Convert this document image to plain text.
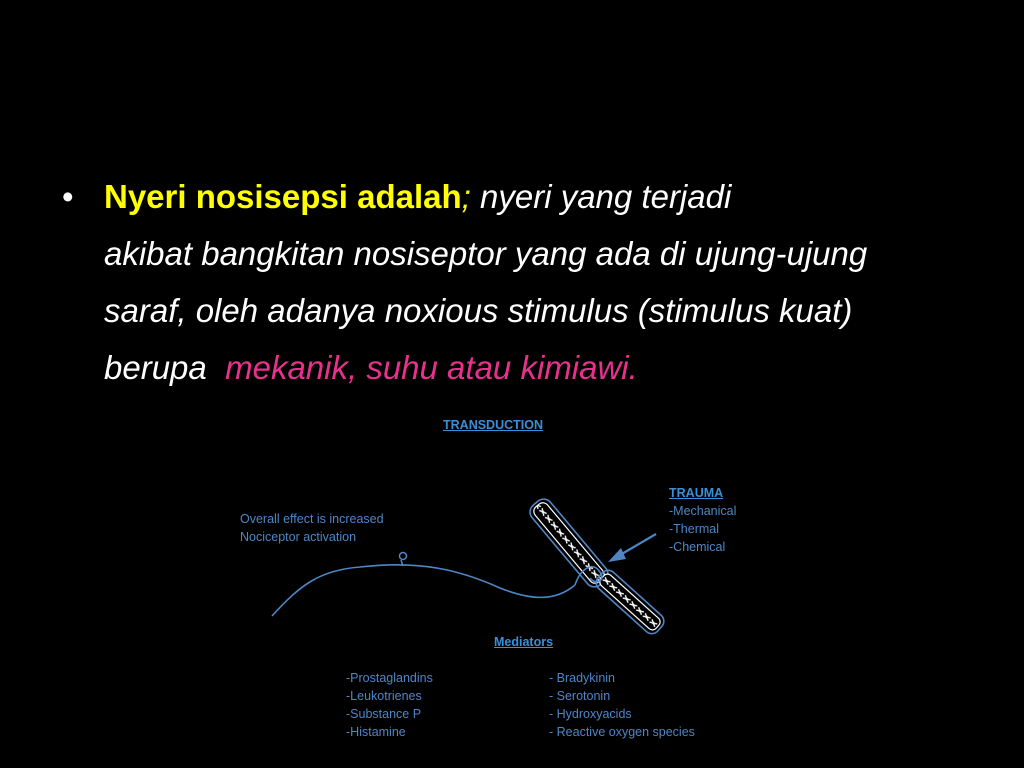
• Nyeri nosisepsi adalah; nyeri yang terjadi
akibat bangkitan nosiseptor yang ada di ujung-ujung
saraf, oleh adanya noxious stimulus (stimulus kuat)
berupa mekanik, suhu atau kimiawi.
TRANSDUCTION
Overall effect is increased
Nociceptor activation
TRAUMA
-Mechanical
-Thermal
-Chemical
Mediators
-Prostaglandins
-Leukotrienes
-Substance P
-Histamine
- Bradykinin
- Serotonin
- Hydroxyacids
- Reactive oxygen species
